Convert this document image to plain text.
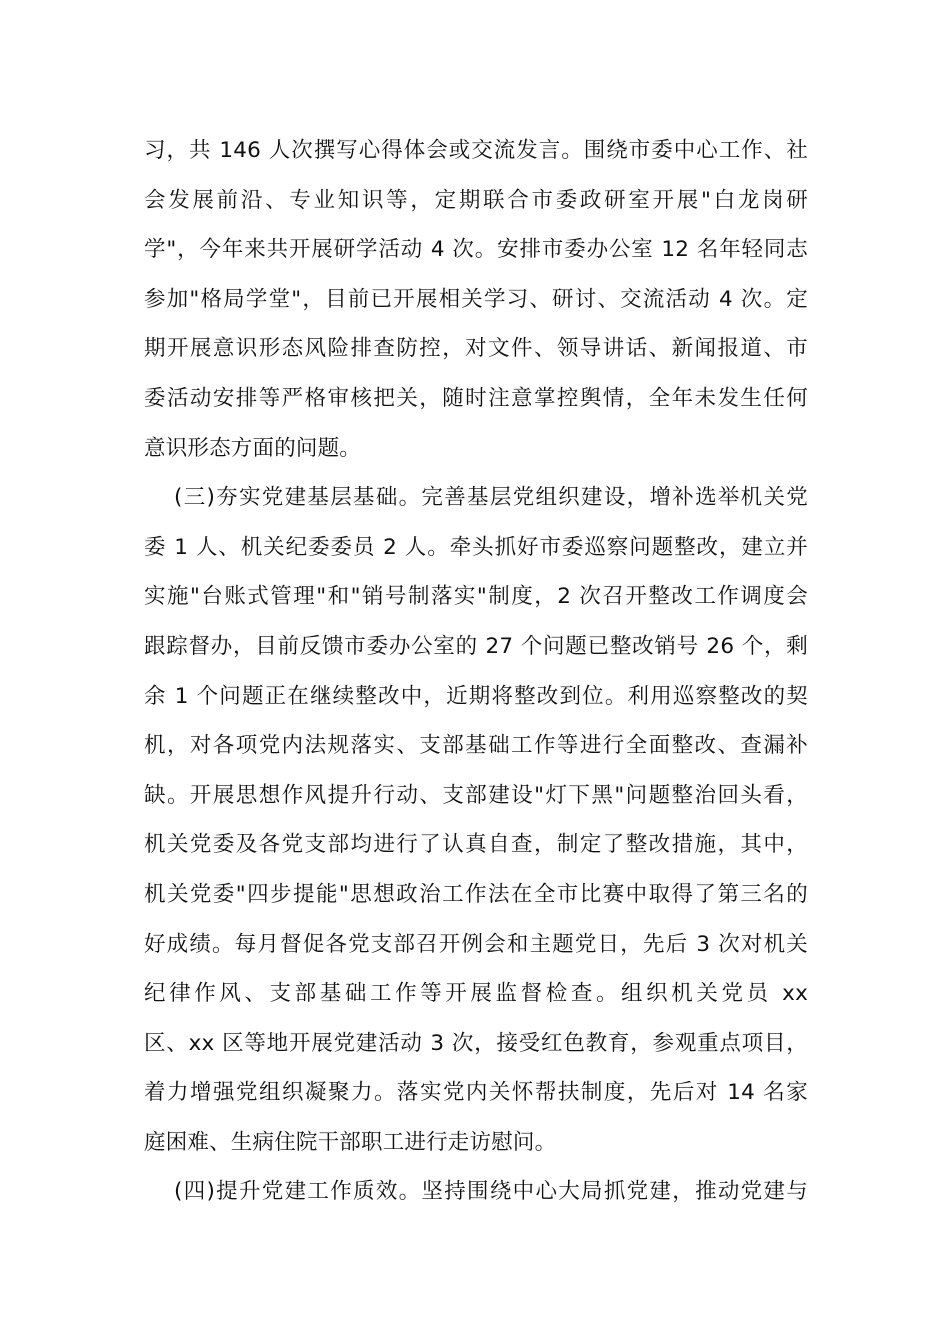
习，共 146 人次撰写心得体会或交流发言。围绕市委中心工作、社
会发展前沿、专业知识等，定期联合市委政研室开展"白龙岗研
学"，今年来共开展研学活动 4 次。安排市委办公室 12 名年轻同志
参加"格局学堂"，目前已开展相关学习、研讨、交流活动 4 次。定
期开展意识形态风险排查防控，对文件、领导讲话、新闻报道、市
委活动安排等严格审核把关，随时注意掌控舆情，全年未发生任何
意识形态方面的问题。
(三)夯实党建基层基础。完善基层党组织建设，增补选举机关党
委 1 人、机关纪委委员 2 人。牵头抓好市委巡察问题整改，建立并
实施"台账式管理"和"销号制落实"制度，2 次召开整改工作调度会
跟踪督办，目前反馈市委办公室的 27 个问题已整改销号 26 个，剩
余 1 个问题正在继续整改中，近期将整改到位。利用巡察整改的契
机，对各项党内法规落实、支部基础工作等进行全面整改、查漏补
缺。开展思想作风提升行动、支部建设"灯下黑"问题整治回头看，
机关党委及各党支部均进行了认真自查，制定了整改措施，其中，
机关党委"四步提能"思想政治工作法在全市比赛中取得了第三名的
好成绩。每月督促各党支部召开例会和主题党日，先后 3 次对机关
纪律作风、支部基础工作等开展监督检查。组织机关党员 xx
区、xx 区等地开展党建活动 3 次，接受红色教育，参观重点项目，
着力增强党组织凝聚力。落实党内关怀帮扶制度，先后对 14 名家
庭困难、生病住院干部职工进行走访慰问。
(四)提升党建工作质效。坚持围绕中心大局抓党建，推动党建与
